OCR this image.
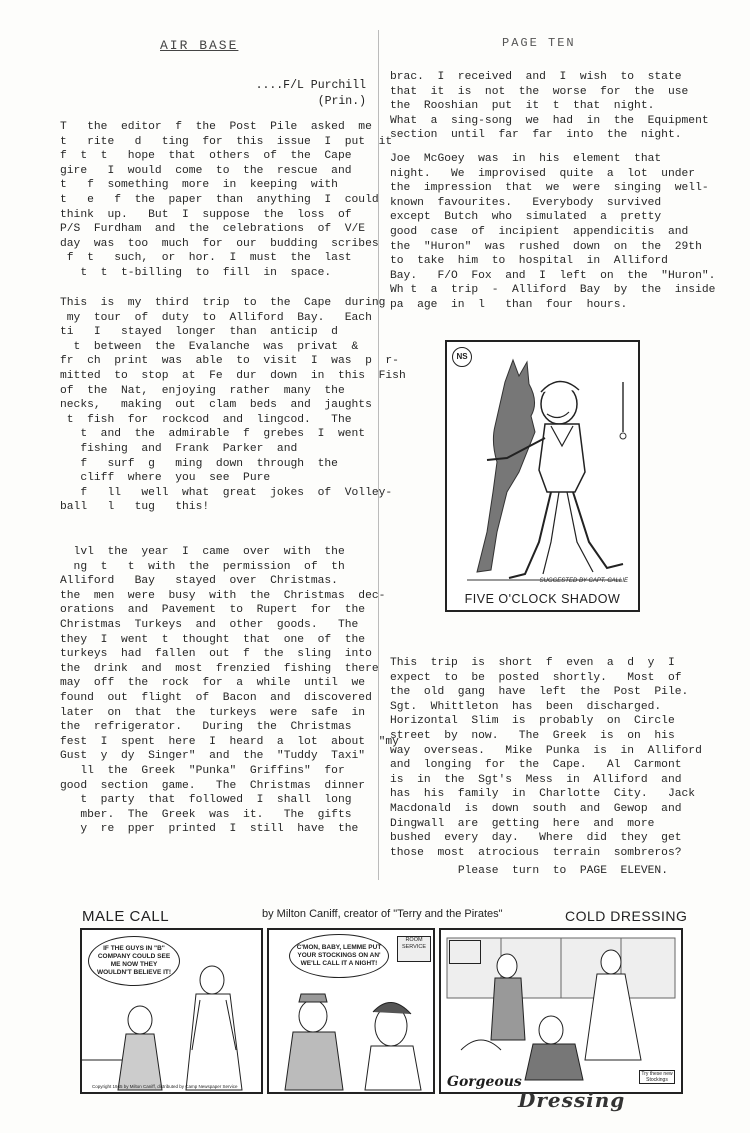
AIR BASE	PAGE TEN
....F/L Purchill
(Prin.)
T   the  editor  f  the  Post  Pile  asked  me
t   rite   d   ting  for  this  issue  I  put  it
f  t  t   hope  that  others  of  the  Cape
gire   I  would  come  to  the  rescue  and
t   f  something  more  in  keeping  with
t   e   f  the  paper  than  anything  I  could
think  up.   But  I  suppose  the  loss  of
P/S  Furdham  and  the  celebrations  of  V/E
day  was  too  much  for  our  budding  scribes
f  t   such,  or  hor.  I  must  the  last
t  t  t-billing  to  fill  in  space.
This  is  my  third  trip  to  the  Cape  during
my  tour  of  duty  to  Alliford  Bay.   Each
ti   I   stayed  longer  than  anticip  d
t  between  the  Evalanche  was  privat  &
fr  ch  print  was  able  to  visit  I  was  p  r-
mitted  to  stop  at  Fe  dur  down  in  this  Fish
of  the  Nat,  enjoying  rather  many  the
necks,   making  out  clam  beds  and  jaughts
t  fish  for  rockcod  and  lingcod.   The
t  and  the  admirable  f  grebes  I  went
fishing  and  Frank  Parker  and
f   surf  g   ming  down  through  the
cliff  where  you  see  Pure
f   ll   well  what  great  jokes  of  Volley-
ball   l   tug   this!
lvl  the  year  I  came  over  with  the
ng  t   t  with  the  permission  of  th
Alliford   Bay   stayed  over  Christmas.
the  men  were  busy  with  the  Christmas  dec-
orations  and  Pavement  to  Rupert  for  the
Christmas  Turkeys  and  other  goods.   The
they  I  went  t  thought  that  one  of  the
turkeys  had  fallen  out  f  the  sling  into
the  drink  and  most  frenzied  fishing  there
may  off  the  rock  for  a  while  until  we
found  out  flight  of  Bacon  and  discovered
later  on  that  the  turkeys  were  safe  in
the  refrigerator.   During  the  Christmas
fest  I  spent  here  I  heard  a  lot  about  "my
Gust  y  dy  Singer"  and  the  "Tuddy  Taxi"
ll  the  Greek  "Punka"  Griffins"  for
good  section  game.   The  Christmas  dinner
t  party  that  followed  I  shall  long
mber.  The  Greek  was  it.   The  gifts
y  re  pper  printed  I  still  have  the
brac.  I  received  and  I  wish  to  state
that  it  is  not  the  worse  for  the  use
the  Rooshian  put  it  t  that  night.
What  a  sing-song  we  had  in  the  Equipment
section  until  far  far  into  the  night.
Joe  McGoey  was  in  his  element  that
night.   We  improvised  quite  a  lot  under
the  impression  that  we  were  singing  well-
known  favourites.   Everybody  survived
except  Butch  who  simulated  a  pretty
good  case  of  incipient  appendicitis  and
the  "Huron"  was  rushed  down  on  the  29th
to  take  him  to  hospital  in  Alliford
Bay.   F/O  Fox  and  I  left  on  the  "Huron".
Wh t  a  trip  -  Alliford  Bay  by  the  inside
pa  age  in  l   than  four  hours.
NS
SUGGESTED BY CAPT. CALLIE
FIVE O'CLOCK SHADOW
This  trip  is  short  f  even  a  d  y  I
expect  to  be  posted  shortly.   Most  of
the  old  gang  have  left  the  Post  Pile.
Sgt.  Whittleton  has  been  discharged.
Horizontal  Slim  is  probably  on  Circle
street  by  now.   The  Greek  is  on  his
way  overseas.   Mike  Punka  is  in  Alliford
and  longing  for  the  Cape.   Al  Carmont
is  in  the  Sgt's  Mess  in  Alliford  and
has  his  family  in  Charlotte  City.   Jack
Macdonald  is  down  south  and  Gewop  and
Dingwall  are  getting  here  and  more
bushed  every  day.   Where  did  they  get
those  most  atrocious  terrain  sombreros?
Please  turn  to  PAGE  ELEVEN.
MALE CALL	by Milton Caniff, creator of "Terry and the Pirates"	COLD DRESSING
IF THE GUYS IN "B" COMPANY COULD SEE ME NOW THEY WOULDN'T BELIEVE IT!
Copyright 1945 by Milton Caniff, distributed by Camp Newspaper Service
C'MON, BABY, LEMME PUT YOUR STOCKINGS ON AN' WE'LL CALL IT A NIGHT!
ROOM SERVICE
Gorgeous	Try these new Stockings
Dressing
